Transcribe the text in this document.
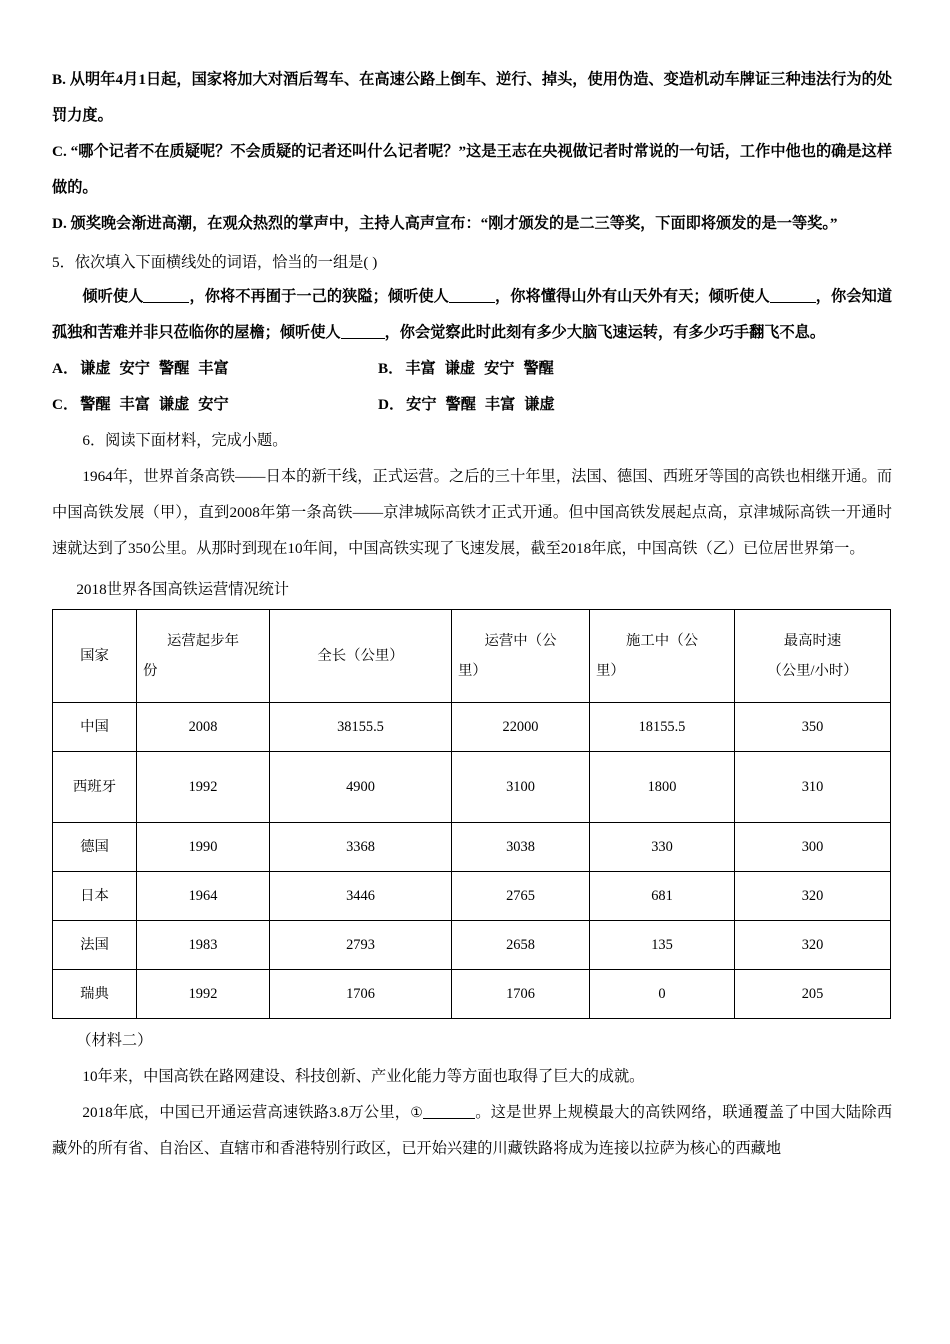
B. 从明年4月1日起，国家将加大对酒后驾车、在高速公路上倒车、逆行、掉头，使用伪造、变造机动车牌证三种违法行为的处罚力度。

C. “哪个记者不在质疑呢？不会质疑的记者还叫什么记者呢？”这是王志在央视做记者时常说的一句话，工作中他也的确是这样做的。

D. 颁奖晚会渐进高潮，在观众热烈的掌声中，主持人高声宣布：“刚才颁发的是二三等奖，下面即将颁发的是一等奖。”

5．依次填入下面横线处的词语，恰当的一组是( )

倾听使人	，你将不再囿于一己的狭隘；倾听使人	，你将懂得山外有山天外有天；倾听使人	，你会知道孤独和苦难并非只莅临你的屋檐；倾听使人	，你会觉察此时此刻有多少大脑飞速运转，有多少巧手翻飞不息。

A． 谦虚 安宁 警醒 丰富	B． 丰富 谦虚 安宁 警醒
C． 警醒 丰富 谦虚 安宁	D． 安宁 警醒 丰富 谦虚

6．阅读下面材料，完成小题。

1964年，世界首条高铁——日本的新干线，正式运营。之后的三十年里，法国、德国、西班牙等国的高铁也相继开通。而中国高铁发展（甲），直到2008年第一条高铁——京津城际高铁才正式开通。但中国高铁发展起点高，京津城际高铁一开通时速就达到了350公里。从那时到现在10年间，中国高铁实现了飞速发展，截至2018年底，中国高铁（乙）已位居世界第一。

2018世界各国高铁运营情况统计

国家	运营起步年
份	全长（公里）	运营中（公
里）	施工中（公
里）	最高时速
（公里/小时）

中国	2008	38155.5	22000	18155.5	350
西班牙	1992	4900	3100	1800	310
德国	1990	3368	3038	330	300
日本	1964	3446	2765	681	320
法国	1983	2793	2658	135	320
瑞典	1992	1706	1706	0	205

（材料二）

10年来，中国高铁在路网建设、科技创新、产业化能力等方面也取得了巨大的成就。

2018年底，中国已开通运营高速铁路3.8万公里，①	。这是世界上规模最大的高铁网络，联通覆盖了中国大陆除西藏外的所有省、自治区、直辖市和香港特别行政区，已开始兴建的川藏铁路将成为连接以拉萨为核心的西藏地
